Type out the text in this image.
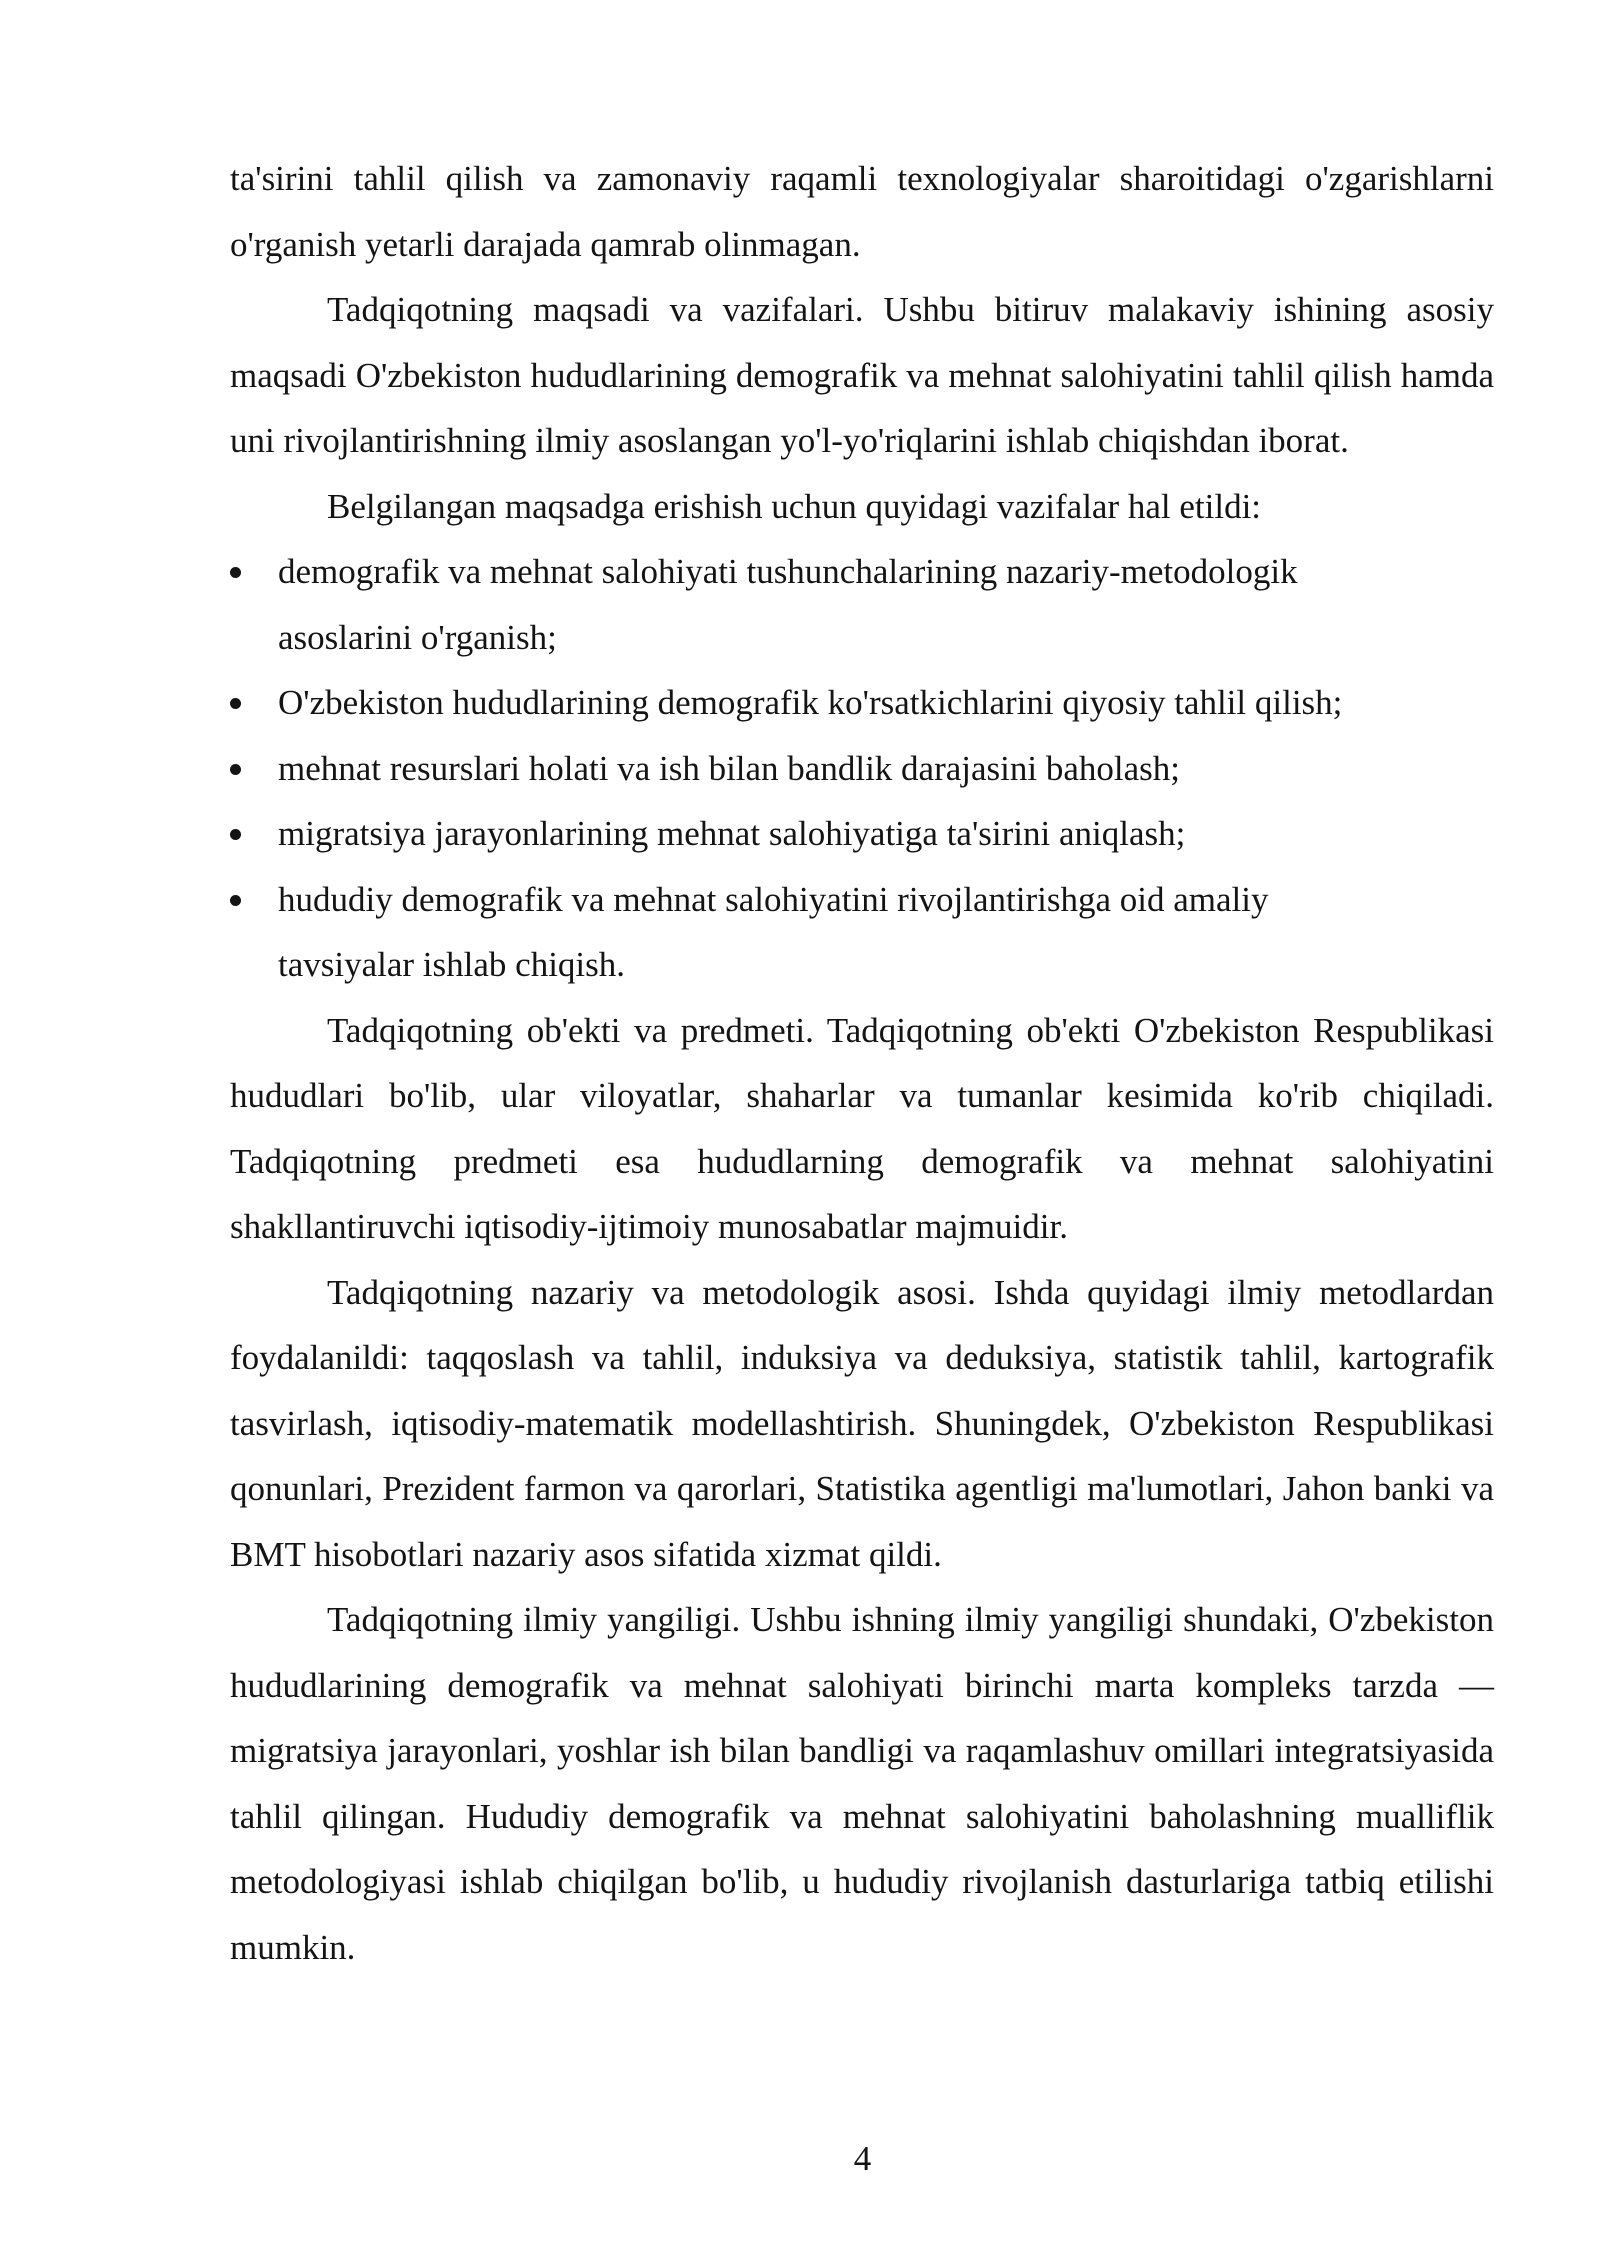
ta'sirini tahlil qilish va zamonaviy raqamli texnologiyalar sharoitidagi o'zgarishlarni o'rganish yetarli darajada qamrab olinmagan.

Tadqiqotning maqsadi va vazifalari. Ushbu bitiruv malakaviy ishining asosiy maqsadi O'zbekiston hududlarining demografik va mehnat salohiyatini tahlil qilish hamda uni rivojlantirishning ilmiy asoslangan yo'l-yo'riqlarini ishlab chiqishdan iborat.

Belgilangan maqsadga erishish uchun quyidagi vazifalar hal etildi:

demografik va mehnat salohiyati tushunchalarining nazariy-metodologik asoslarini o'rganish;
O'zbekiston hududlarining demografik ko'rsatkichlarini qiyosiy tahlil qilish;
mehnat resurslari holati va ish bilan bandlik darajasini baholash;
migratsiya jarayonlarining mehnat salohiyatiga ta'sirini aniqlash;
hududiy demografik va mehnat salohiyatini rivojlantirishga oid amaliy tavsiyalar ishlab chiqish.

Tadqiqotning ob'ekti va predmeti. Tadqiqotning ob'ekti O'zbekiston Respublikasi hududlari bo'lib, ular viloyatlar, shaharlar va tumanlar kesimida ko'rib chiqiladi. Tadqiqotning predmeti esa hududlarning demografik va mehnat salohiyatini shakllantiruvchi iqtisodiy-ijtimoiy munosabatlar majmuidir.

Tadqiqotning nazariy va metodologik asosi. Ishda quyidagi ilmiy metodlardan foydalanildi: taqqoslash va tahlil, induksiya va deduksiya, statistik tahlil, kartografik tasvirlash, iqtisodiy-matematik modellashtirish. Shuningdek, O'zbekiston Respublikasi qonunlari, Prezident farmon va qarorlari, Statistika agentligi ma'lumotlari, Jahon banki va BMT hisobotlari nazariy asos sifatida xizmat qildi.

Tadqiqotning ilmiy yangiligi. Ushbu ishning ilmiy yangiligi shundaki, O'zbekiston hududlarining demografik va mehnat salohiyati birinchi marta kompleks tarzda — migratsiya jarayonlari, yoshlar ish bilan bandligi va raqamlashuv omillari integratsiyasida tahlil qilingan. Hududiy demografik va mehnat salohiyatini baholashning mualliflik metodologiyasi ishlab chiqilgan bo'lib, u hududiy rivojlanish dasturlariga tatbiq etilishi mumkin.

4
